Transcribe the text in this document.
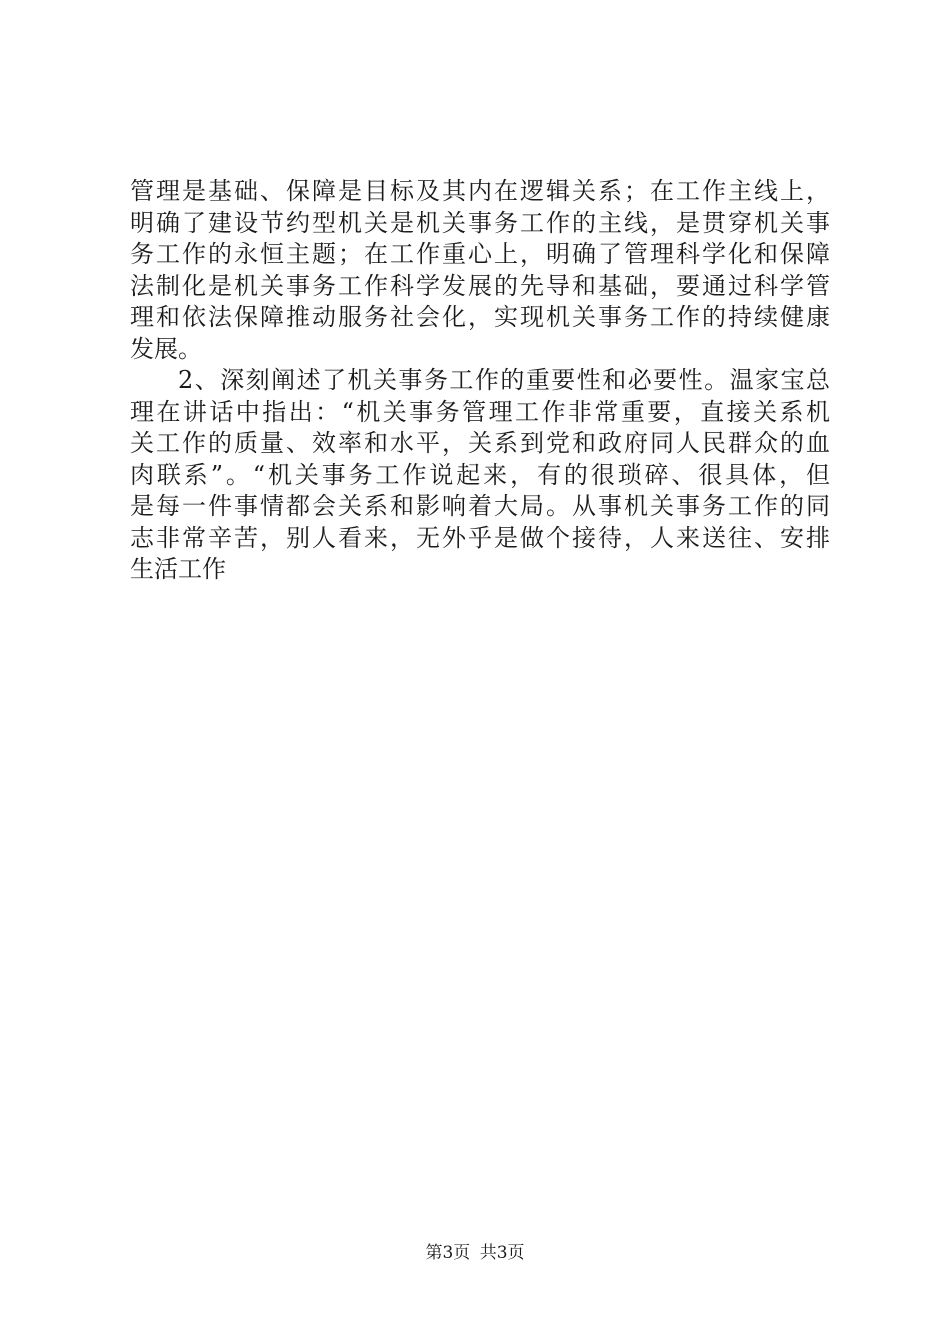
管理是基础、保障是目标及其内在逻辑关系；在工作主线上，
明确了建设节约型机关是机关事务工作的主线，是贯穿机关事
务工作的永恒主题；在工作重心上，明确了管理科学化和保障
法制化是机关事务工作科学发展的先导和基础，要通过科学管
理和依法保障推动服务社会化，实现机关事务工作的持续健康
发展。
2、深刻阐述了机关事务工作的重要性和必要性。温家宝总
理在讲话中指出：“机关事务管理工作非常重要，直接关系机
关工作的质量、效率和水平，关系到党和政府同人民群众的血
肉联系”。“机关事务工作说起来，有的很琐碎、很具体，但
是每一件事情都会关系和影响着大局。从事机关事务工作的同
志非常辛苦，别人看来，无外乎是做个接待，人来送往、安排
生活工作
第3页 共3页
